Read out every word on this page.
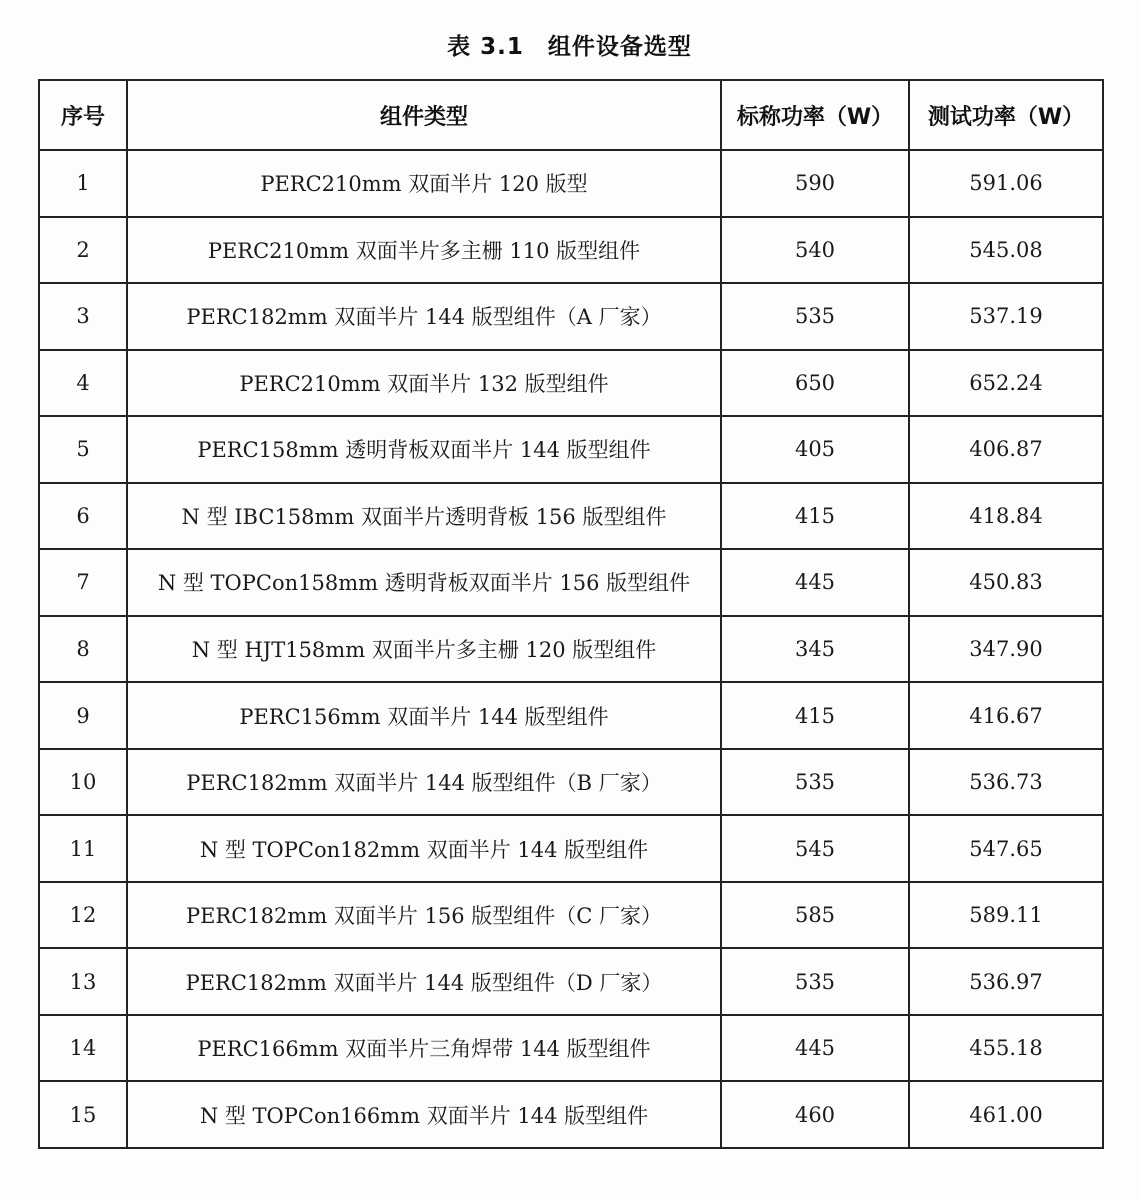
表 3.1　组件设备选型
序号	组件类型	标称功率（W）	测试功率（W）
1	PERC210mm 双面半片 120 版型	590	591.06
2	PERC210mm 双面半片多主栅 110 版型组件	540	545.08
3	PERC182mm 双面半片 144 版型组件（A 厂家）	535	537.19
4	PERC210mm 双面半片 132 版型组件	650	652.24
5	PERC158mm 透明背板双面半片 144 版型组件	405	406.87
6	N 型 IBC158mm 双面半片透明背板 156 版型组件	415	418.84
7	N 型 TOPCon158mm 透明背板双面半片 156 版型组件	445	450.83
8	N 型 HJT158mm 双面半片多主栅 120 版型组件	345	347.90
9	PERC156mm 双面半片 144 版型组件	415	416.67
10	PERC182mm 双面半片 144 版型组件（B 厂家）	535	536.73
11	N 型 TOPCon182mm 双面半片 144 版型组件	545	547.65
12	PERC182mm 双面半片 156 版型组件（C 厂家）	585	589.11
13	PERC182mm 双面半片 144 版型组件（D 厂家）	535	536.97
14	PERC166mm 双面半片三角焊带 144 版型组件	445	455.18
15	N 型 TOPCon166mm 双面半片 144 版型组件	460	461.00
